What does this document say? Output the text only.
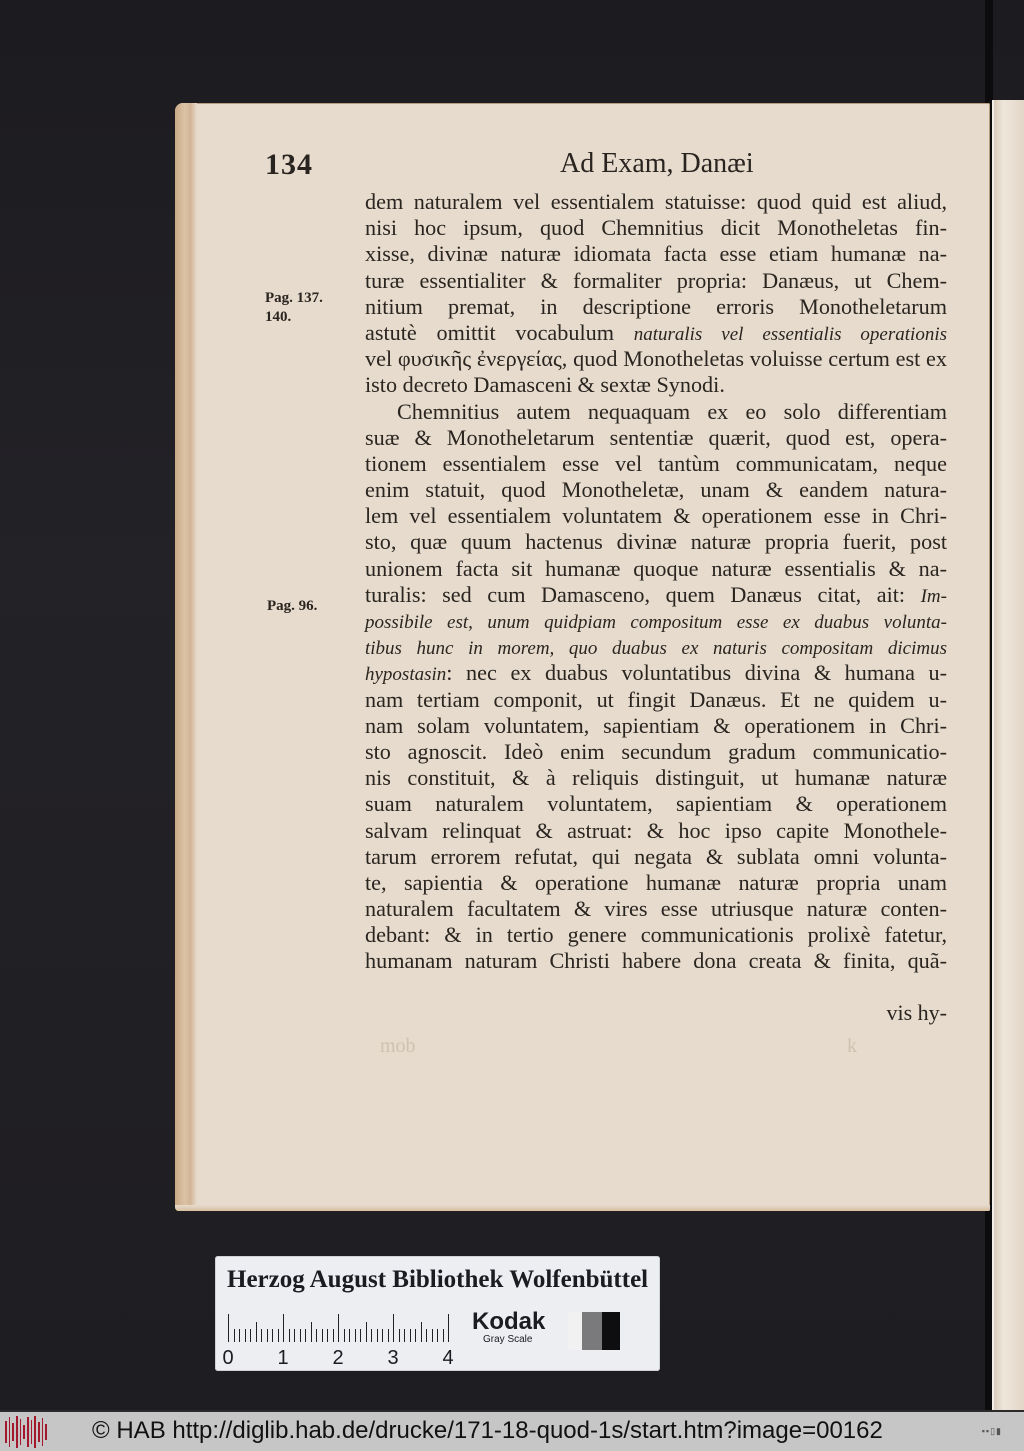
134	Ad Exam, Danæi
Pag. 137.
140.
Pag. 96.
dem naturalem vel essentialem statuisse: quod quid est aliud,
nisi hoc ipsum, quod Chemnitius dicit Monotheletas fin-
xisse, divinæ naturæ idiomata facta esse etiam humanæ na-
turæ essentialiter & formaliter propria: Danæus, ut Chem-
nitium premat, in descriptione erroris Monotheletarum
astutè omittit vocabulum naturalis vel essentialis operationis
vel φυσικῆς ἐνεργείας, quod Monotheletas voluisse certum est ex
isto decreto Damasceni & sextæ Synodi.
Chemnitius autem nequaquam ex eo solo differentiam
suæ & Monotheletarum sententiæ quærit, quod est, opera-
tionem essentialem esse vel tantùm communicatam, neque
enim statuit, quod Monotheletæ, unam & eandem natura-
lem vel essentialem voluntatem & operationem esse in Chri-
sto, quæ quum hactenus divinæ naturæ propria fuerit, post
unionem facta sit humanæ quoque naturæ essentialis & na-
turalis: sed cum Damasceno, quem Danæus citat, ait: Im-
possibile est, unum quidpiam compositum esse ex duabus volunta-
tibus hunc in morem, quo duabus ex naturis compositam dicimus
hypostasin: nec ex duabus voluntatibus divina & humana u-
nam tertiam componit, ut fingit Danæus. Et ne quidem u-
nam solam voluntatem, sapientiam & operationem in Chri-
sto agnoscit. Ideò enim secundum gradum communicatio-
nis constituit, & à reliquis distinguit, ut humanæ naturæ
suam naturalem voluntatem, sapientiam & operationem
salvam relinquat & astruat: & hoc ipso capite Monothele-
tarum errorem refutat, qui negata & sublata omni volunta-
te, sapientia & operatione humanæ naturæ propria unam
naturalem facultatem & vires esse utriusque naturæ conten-
debant: & in tertio genere communicationis prolixè fatetur,
humanam naturam Christi habere dona creata & finita, quã-
vis hy-
mob	k
Herzog August Bibliothek Wolfenbüttel
0 1 2 3 4
Kodak
Gray Scale
© HAB http://diglib.hab.de/drucke/171-18-quod-1s/start.htm?image=00162	▪▪▯▮
